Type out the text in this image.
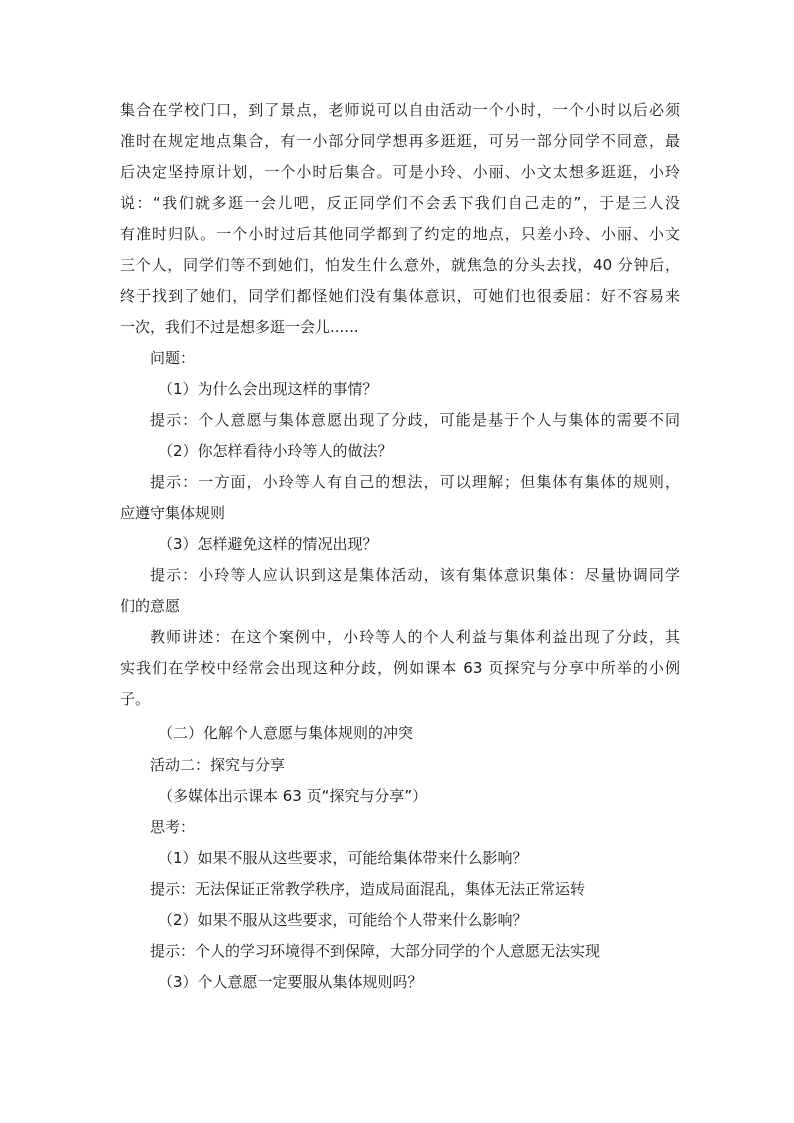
集合在学校门口，到了景点，老师说可以自由活动一个小时，一个小时以后必须
准时在规定地点集合，有一小部分同学想再多逛逛，可另一部分同学不同意，最
后决定坚持原计划，一个小时后集合。可是小玲、小丽、小文太想多逛逛，小玲
说：“我们就多逛一会儿吧，反正同学们不会丢下我们自己走的”，于是三人没
有准时归队。一个小时过后其他同学都到了约定的地点，只差小玲、小丽、小文
三个人，同学们等不到她们，怕发生什么意外，就焦急的分头去找，40 分钟后，
终于找到了她们，同学们都怪她们没有集体意识，可她们也很委屈：好不容易来
一次，我们不过是想多逛一会儿......
问题：
（1）为什么会出现这样的事情？
提示：个人意愿与集体意愿出现了分歧，可能是基于个人与集体的需要不同
（2）你怎样看待小玲等人的做法？
提示：一方面，小玲等人有自己的想法，可以理解；但集体有集体的规则，
应遵守集体规则
（3）怎样避免这样的情况出现？
提示：小玲等人应认识到这是集体活动，该有集体意识集体：尽量协调同学
们的意愿
教师讲述：在这个案例中，小玲等人的个人利益与集体利益出现了分歧，其
实我们在学校中经常会出现这种分歧，例如课本 63 页探究与分享中所举的小例
子。
（二）化解个人意愿与集体规则的冲突
活动二：探究与分享
（多媒体出示课本 63 页“探究与分享”）
思考：
（1）如果不服从这些要求，可能给集体带来什么影响？
提示：无法保证正常教学秩序，造成局面混乱，集体无法正常运转
（2）如果不服从这些要求，可能给个人带来什么影响？
提示：个人的学习环境得不到保障，大部分同学的个人意愿无法实现
（3）个人意愿一定要服从集体规则吗？
